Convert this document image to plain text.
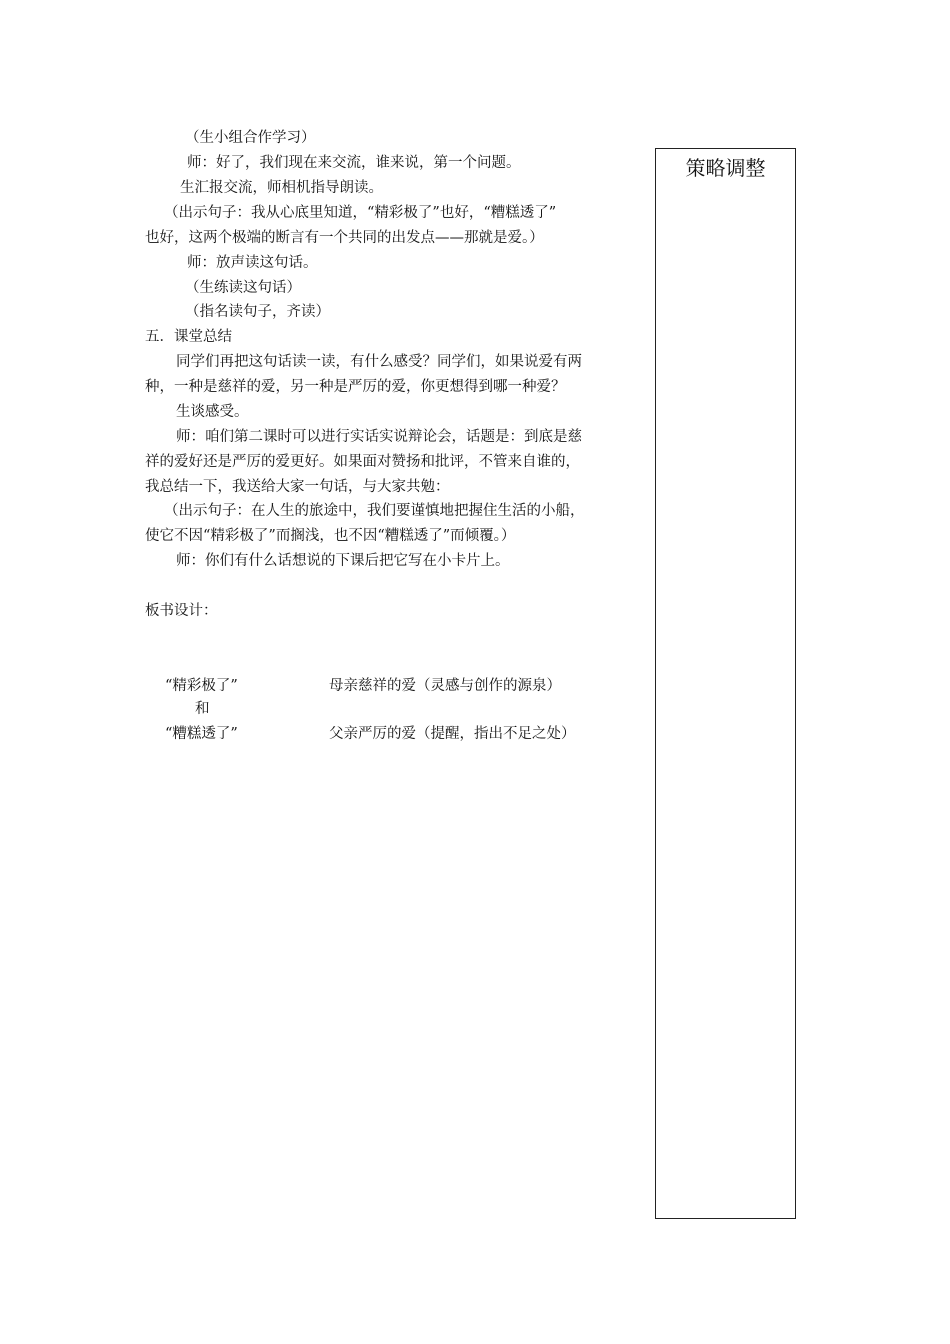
（生小组合作学习）
师：好了，我们现在来交流，谁来说，第一个问题。
生汇报交流，师相机指导朗读。
（出示句子：我从心底里知道，“精彩极了”也好，“糟糕透了”
也好，这两个极端的断言有一个共同的出发点——那就是爱。）
师：放声读这句话。
（生练读这句话）
（指名读句子，齐读）
五．课堂总结
同学们再把这句话读一读，有什么感受？同学们，如果说爱有两
种，一种是慈祥的爱，另一种是严厉的爱，你更想得到哪一种爱？
生谈感受。
师：咱们第二课时可以进行实话实说辩论会，话题是：到底是慈
祥的爱好还是严厉的爱更好。如果面对赞扬和批评，不管来自谁的，
我总结一下，我送给大家一句话，与大家共勉：
（出示句子：在人生的旅途中，我们要谨慎地把握住生活的小船，
使它不因“精彩极了”而搁浅，也不因“糟糕透了”而倾覆。）
师：你们有什么话想说的下课后把它写在小卡片上。
板书设计：
“精彩极了”
和
“糟糕透了”
母亲慈祥的爱（灵感与创作的源泉）
父亲严厉的爱（提醒，指出不足之处）
策略调整
